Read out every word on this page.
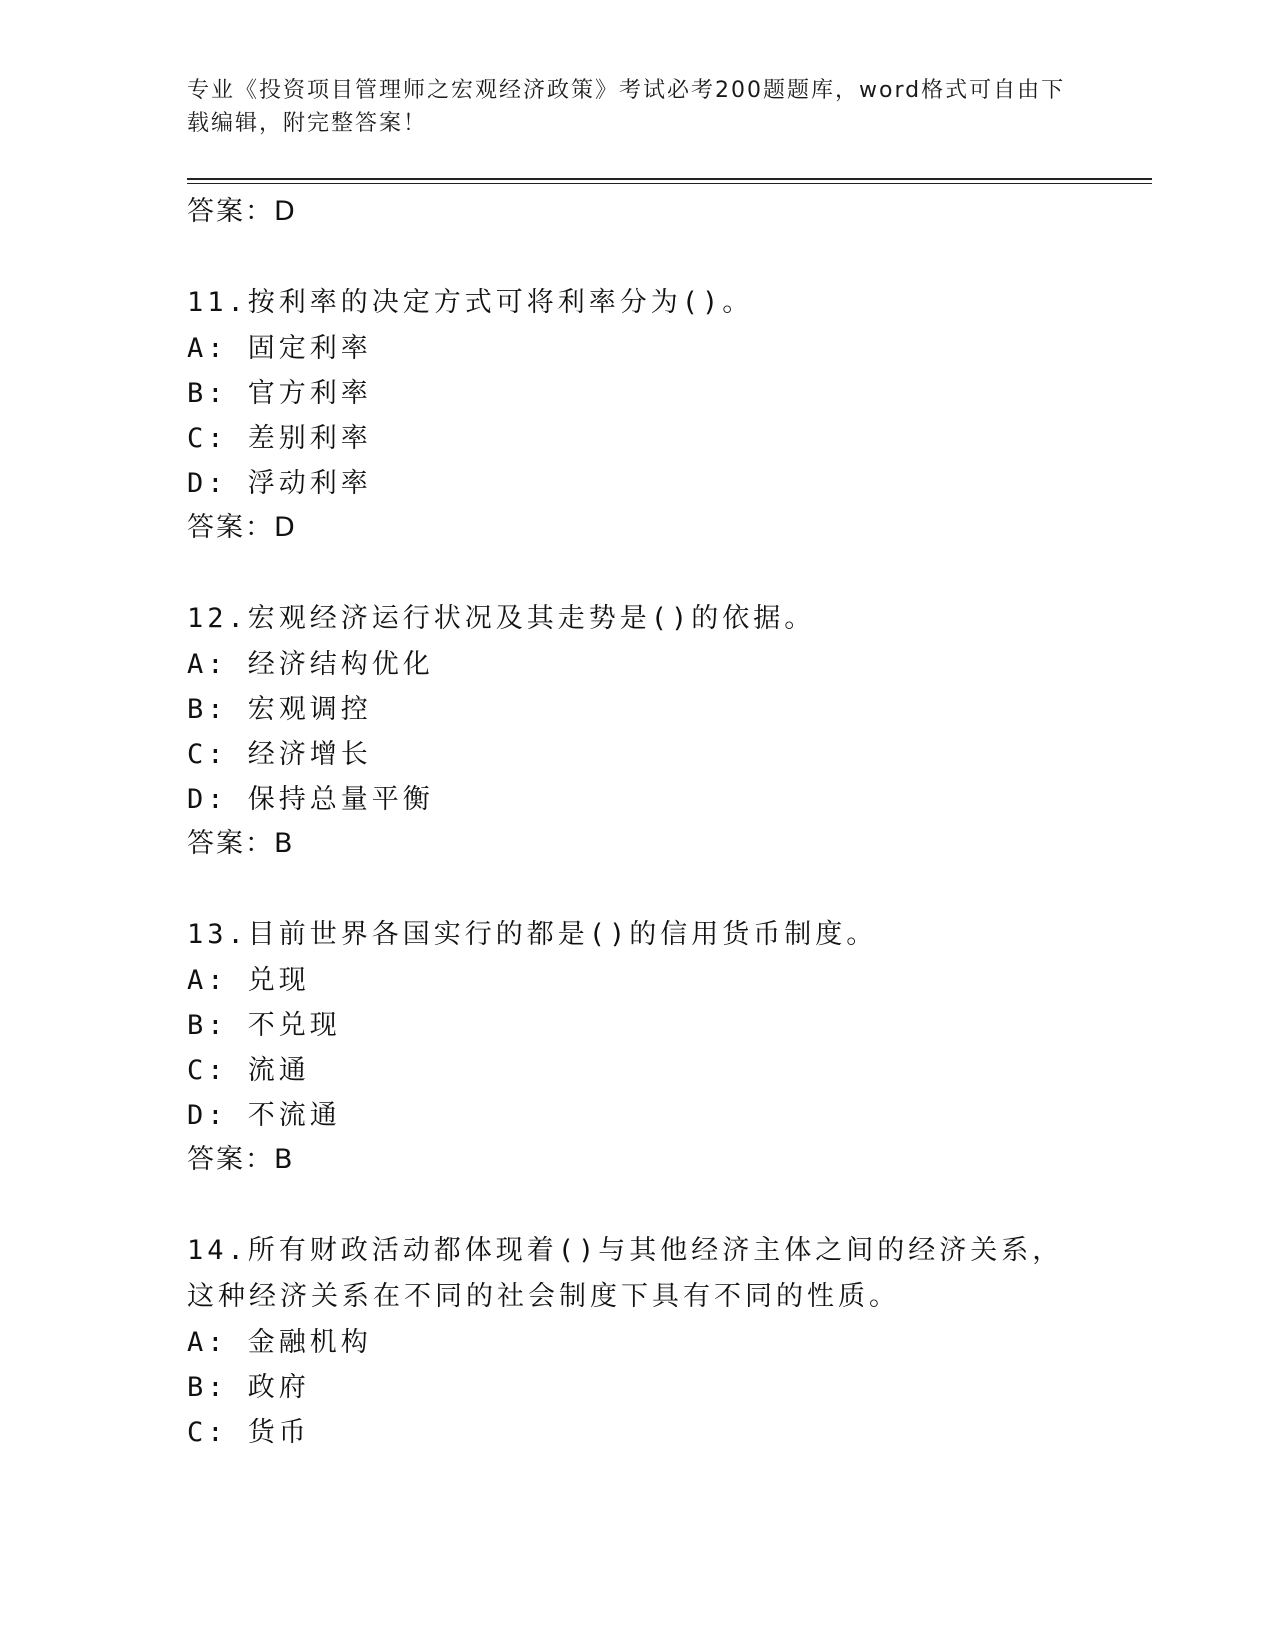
专业《投资项目管理师之宏观经济政策》考试必考200题题库，word格式可自由下载编辑，附完整答案！
答案：D
11.按利率的决定方式可将利率分为()。
A: 固定利率
B: 官方利率
C: 差别利率
D: 浮动利率
答案：D
12.宏观经济运行状况及其走势是()的依据。
A: 经济结构优化
B: 宏观调控
C: 经济增长
D: 保持总量平衡
答案：B
13.目前世界各国实行的都是()的信用货币制度。
A: 兑现
B: 不兑现
C: 流通
D: 不流通
答案：B
14.所有财政活动都体现着()与其他经济主体之间的经济关系，这种经济关系在不同的社会制度下具有不同的性质。
A: 金融机构
B: 政府
C: 货币
